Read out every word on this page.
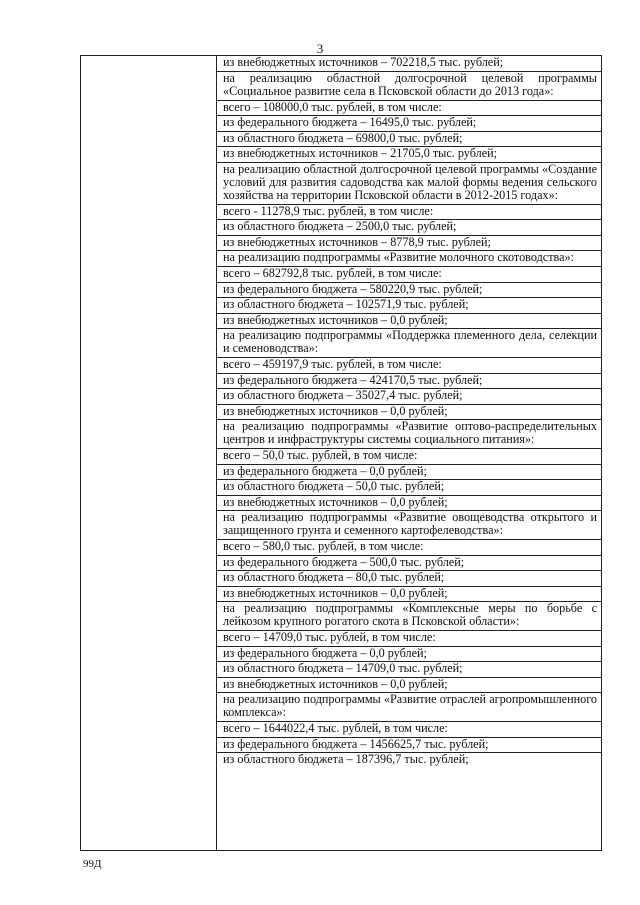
3
из внебюджетных источников – 702218,5 тыс. рублей;
на реализацию областной долгосрочной целевой программы «Социальное развитие села в Псковской области до 2013 года»:
всего – 108000,0 тыс. рублей, в том числе:
из федерального бюджета – 16495,0 тыс. рублей;
из областного бюджета – 69800,0 тыс. рублей;
из внебюджетных источников – 21705,0 тыс. рублей;
на реализацию областной долгосрочной целевой программы «Создание условий для развития садоводства как малой формы ведения сельского хозяйства на территории Псковской области в 2012-2015 годах»:
всего - 11278,9 тыс. рублей, в том числе:
из областного бюджета – 2500,0 тыс. рублей;
из внебюджетных источников – 8778,9 тыс. рублей;
на реализацию подпрограммы «Развитие молочного скотоводства»:
всего – 682792,8 тыс. рублей, в том числе:
из федерального бюджета – 580220,9 тыс. рублей;
из областного бюджета – 102571,9 тыс. рублей;
из внебюджетных источников – 0,0 рублей;
на реализацию подпрограммы «Поддержка племенного дела, селекции и семеноводства»:
всего – 459197,9 тыс. рублей, в том числе:
из федерального бюджета – 424170,5 тыс. рублей;
из областного бюджета – 35027,4 тыс. рублей;
из внебюджетных источников – 0,0 рублей;
на реализацию подпрограммы «Развитие оптово-распределительных центров и инфраструктуры системы социального питания»:
всего – 50,0 тыс. рублей, в том числе:
из федерального бюджета – 0,0 рублей;
из областного бюджета – 50,0 тыс. рублей;
из внебюджетных источников – 0,0 рублей;
на реализацию подпрограммы «Развитие овощеводства открытого и защищенного грунта и семенного картофелеводства»:
всего – 580,0 тыс. рублей, в том числе:
из федерального бюджета – 500,0 тыс. рублей;
из областного бюджета – 80,0 тыс. рублей;
из внебюджетных источников – 0,0 рублей;
на реализацию подпрограммы «Комплексные меры по борьбе с лейкозом крупного рогатого скота в Псковской области»:
всего – 14709,0 тыс. рублей, в том числе:
из федерального бюджета – 0,0 рублей;
из областного бюджета – 14709,0 тыс. рублей;
из внебюджетных источников – 0,0 рублей;
на реализацию подпрограммы «Развитие отраслей агропромышленного комплекса»:
всего – 1644022,4 тыс. рублей, в том числе:
из федерального бюджета – 1456625,7 тыс. рублей;
из областного бюджета – 187396,7 тыс. рублей;
99Д
